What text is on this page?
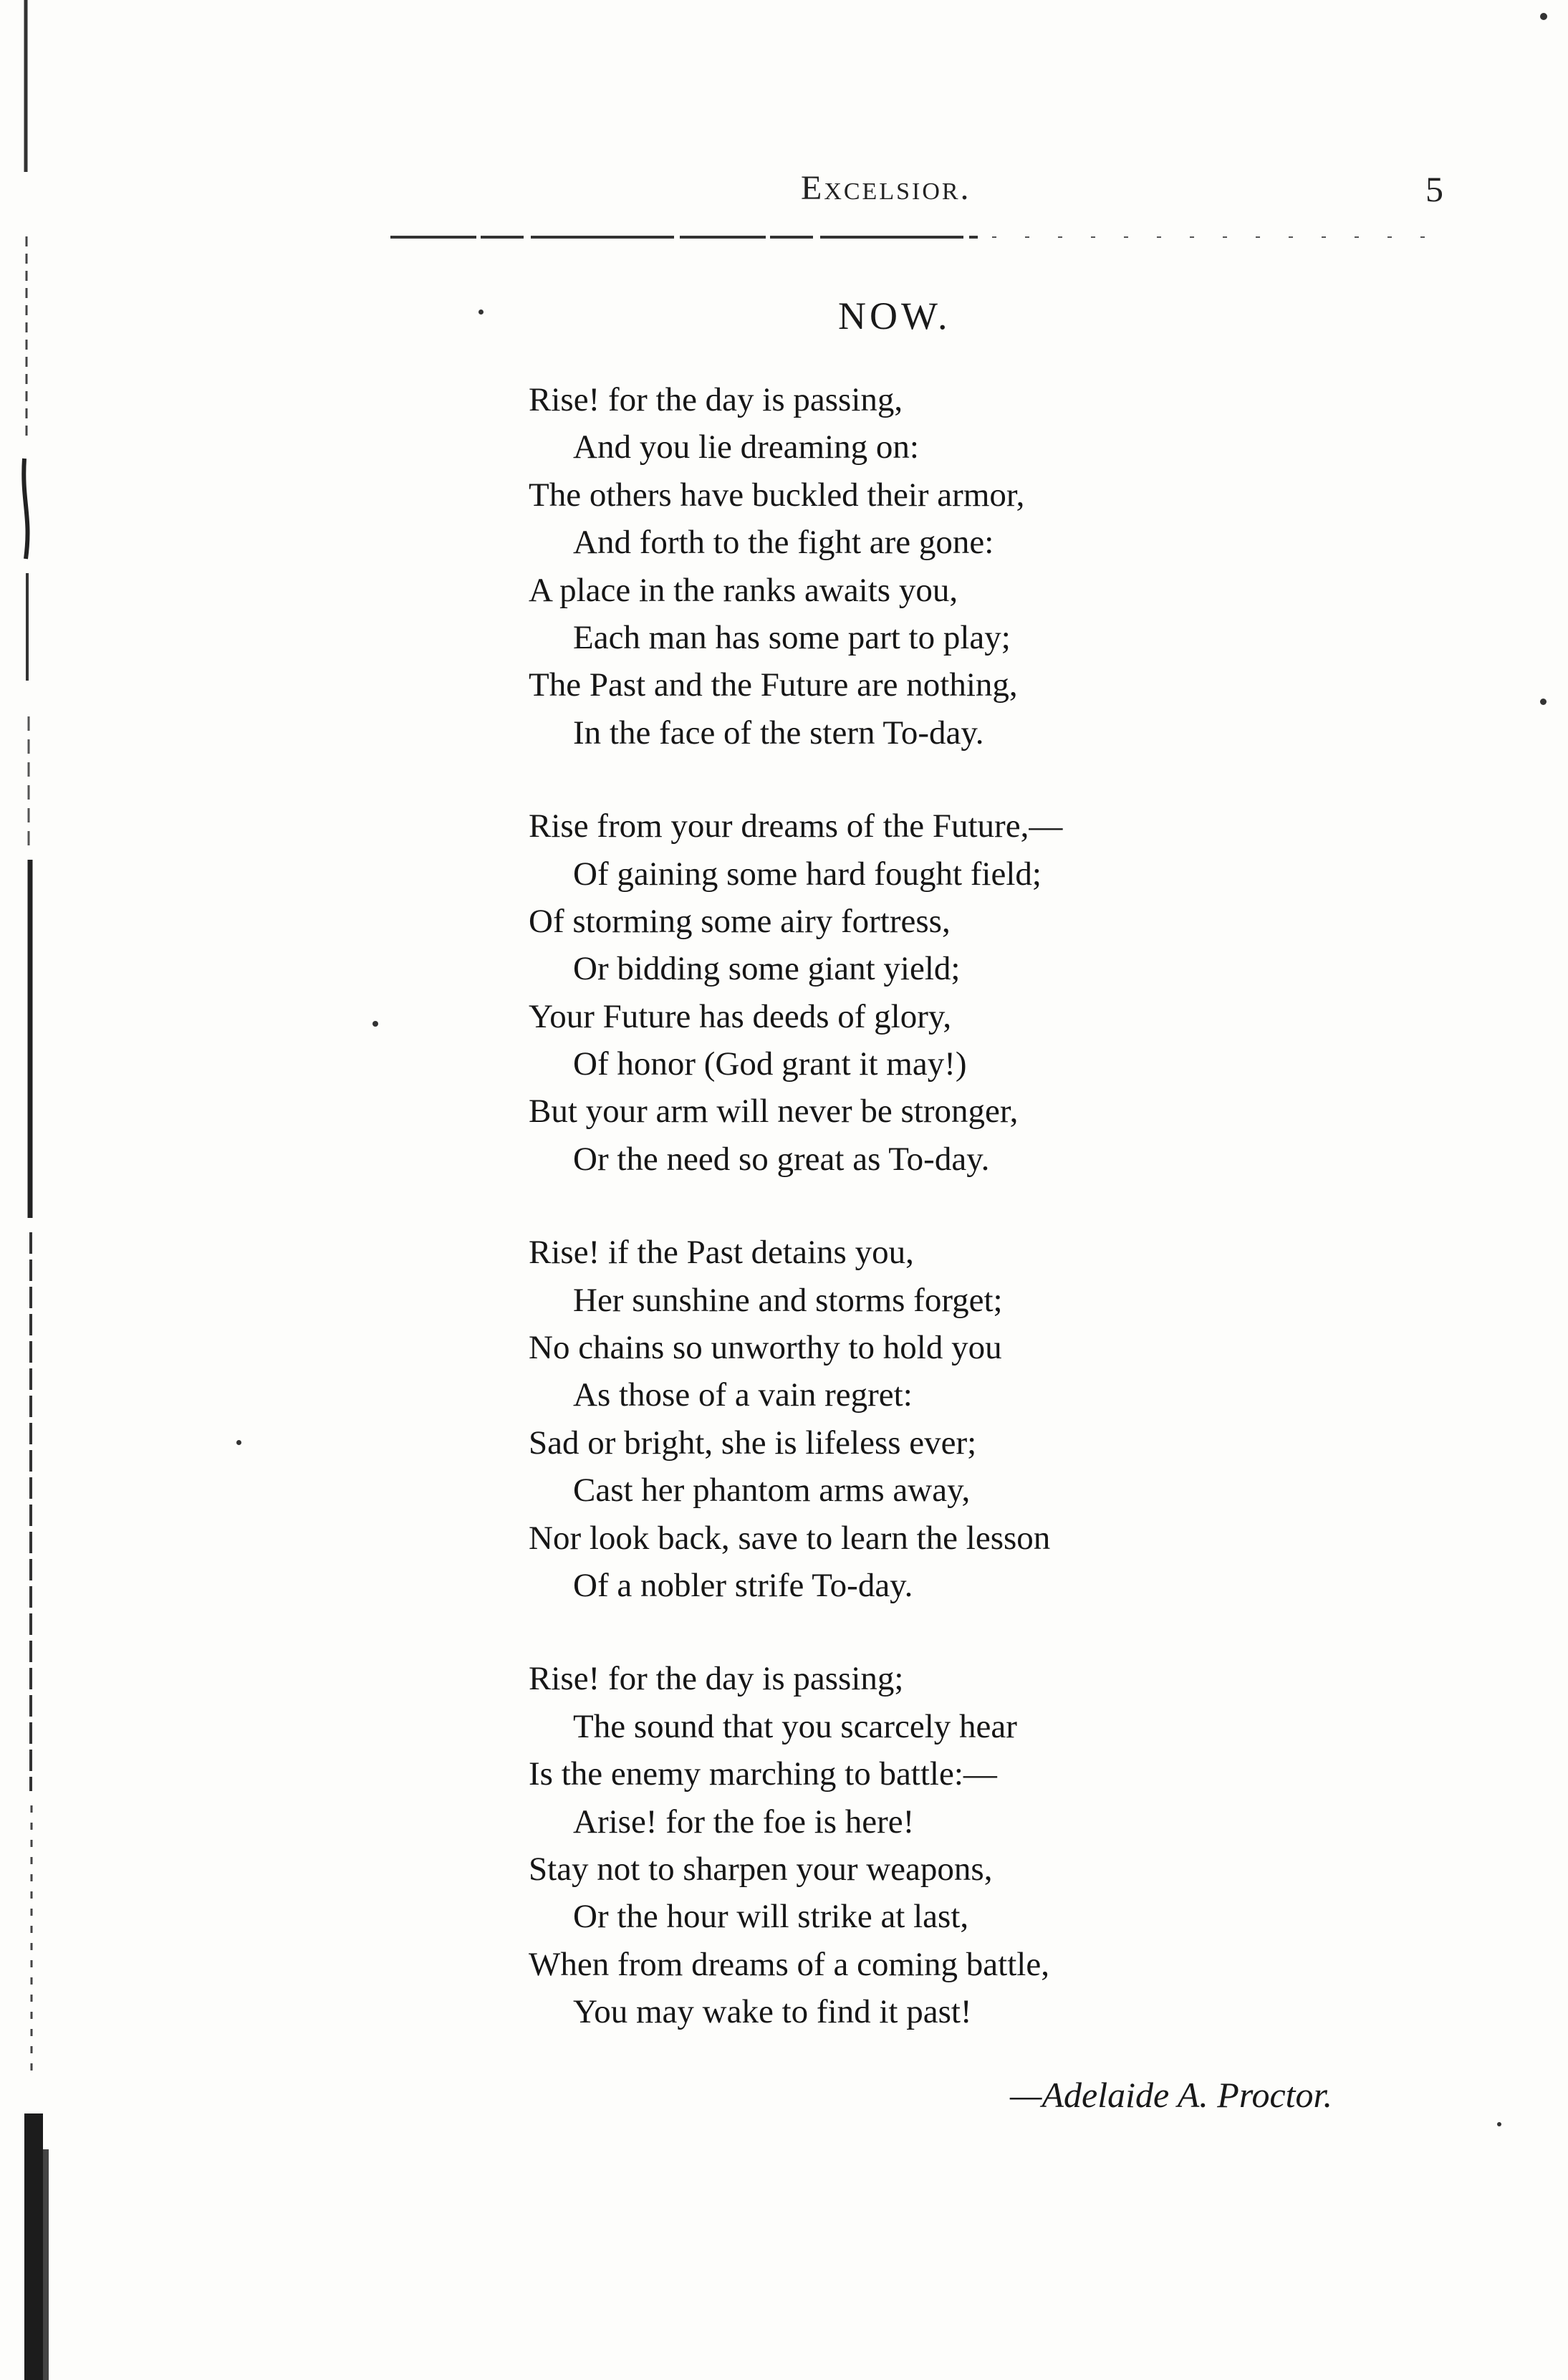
Excelsior.	5
NOW.
Rise! for the day is passing,
And you lie dreaming on:
The others have buckled their armor,
And forth to the fight are gone:
A place in the ranks awaits you,
Each man has some part to play;
The Past and the Future are nothing,
In the face of the stern To-day.
Rise from your dreams of the Future,—
Of gaining some hard fought field;
Of storming some airy fortress,
Or bidding some giant yield;
Your Future has deeds of glory,
Of honor (God grant it may!)
But your arm will never be stronger,
Or the need so great as To-day.
Rise! if the Past detains you,
Her sunshine and storms forget;
No chains so unworthy to hold you
As those of a vain regret:
Sad or bright, she is lifeless ever;
Cast her phantom arms away,
Nor look back, save to learn the lesson
Of a nobler strife To-day.
Rise! for the day is passing;
The sound that you scarcely hear
Is the enemy marching to battle:—
Arise! for the foe is here!
Stay not to sharpen your weapons,
Or the hour will strike at last,
When from dreams of a coming battle,
You may wake to find it past!
—Adelaide A. Proctor.
